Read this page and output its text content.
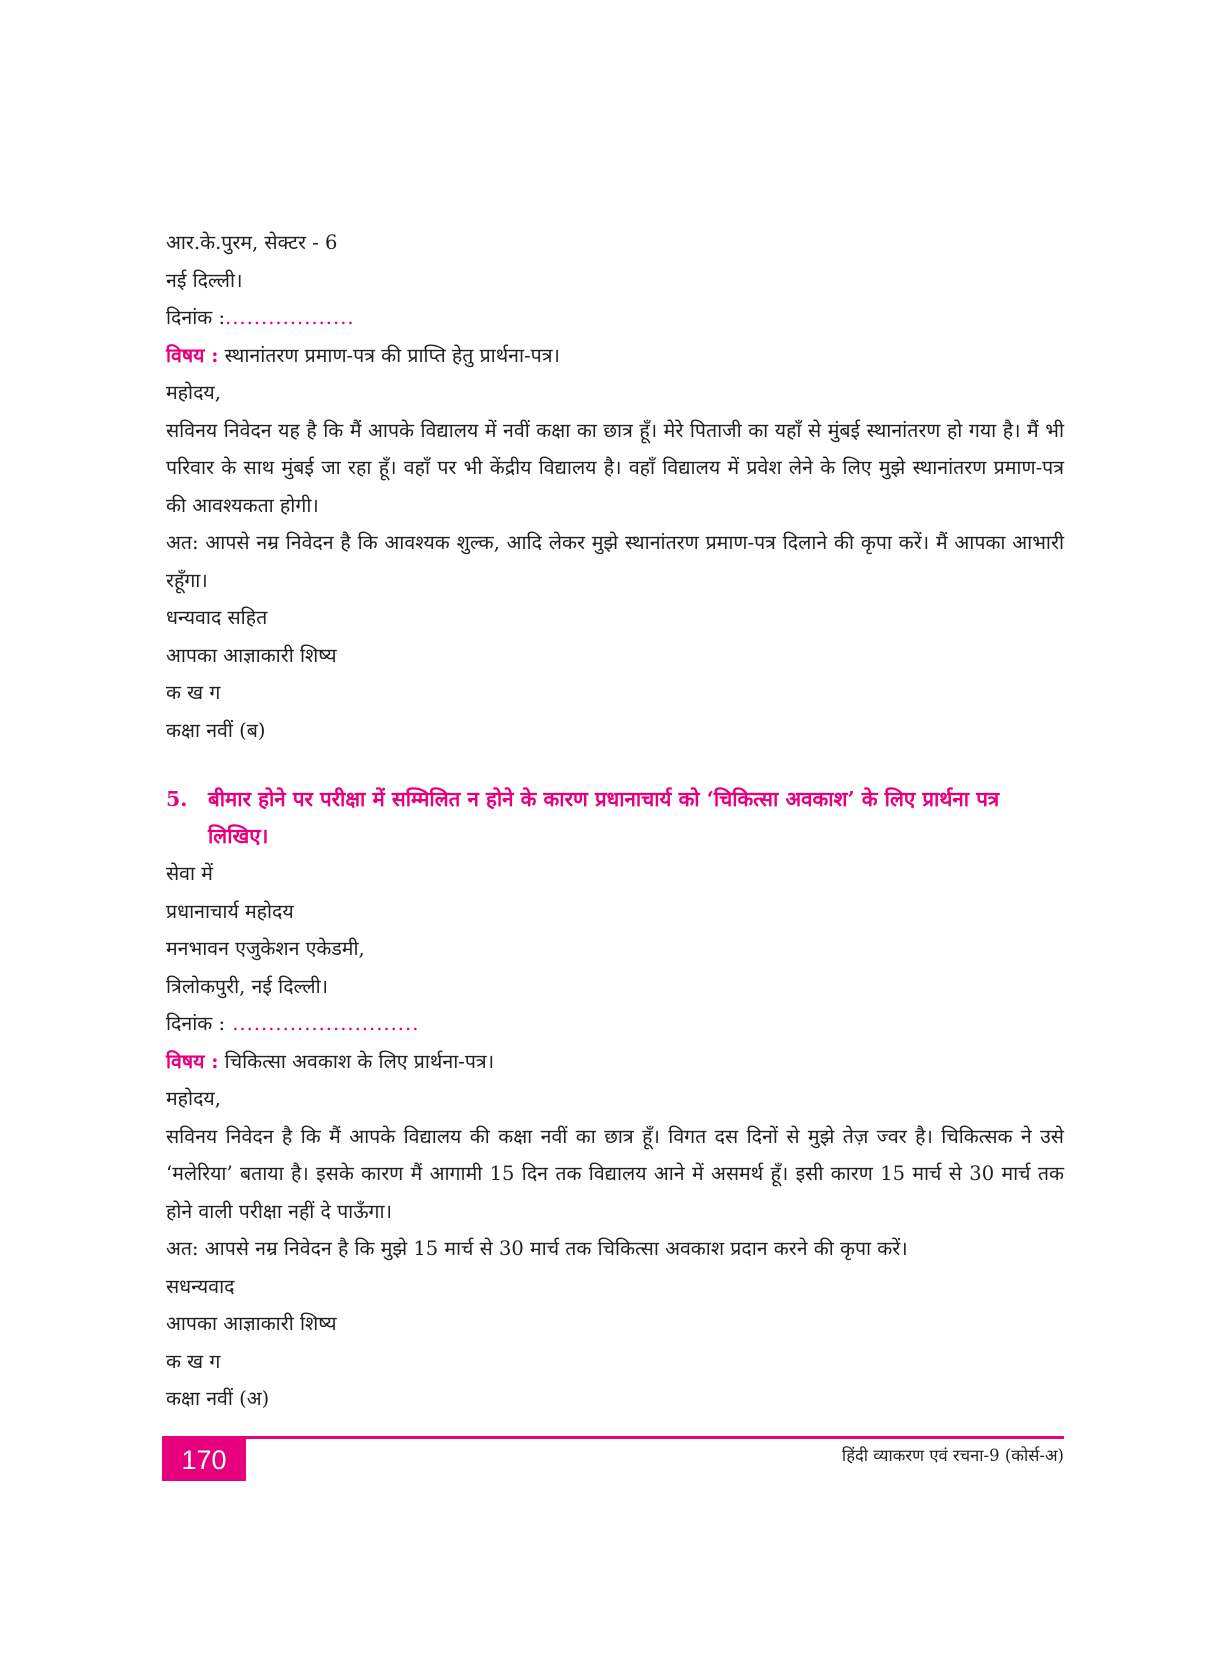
आर.के.पुरम, सेक्टर - 6
नई दिल्ली।
दिनांक :..................
विषय : स्थानांतरण प्रमाण-पत्र की प्राप्ति हेतु प्रार्थना-पत्र।
महोदय,
सविनय निवेदन यह है कि मैं आपके विद्यालय में नवीं कक्षा का छात्र हूँ। मेरे पिताजी का यहाँ से मुंबई स्थानांतरण हो गया है। मैं भी परिवार के साथ मुंबई जा रहा हूँ। वहाँ पर भी केंद्रीय विद्यालय है। वहाँ विद्यालय में प्रवेश लेने के लिए मुझे स्थानांतरण प्रमाण-पत्र की आवश्यकता होगी।
अत: आपसे नम्र निवेदन है कि आवश्यक शुल्क, आदि लेकर मुझे स्थानांतरण प्रमाण-पत्र दिलाने की कृपा करें। मैं आपका आभारी रहूँगा।
धन्यवाद सहित
आपका आज्ञाकारी शिष्य
क ख ग
कक्षा नवीं (ब)
5. बीमार होने पर परीक्षा में सम्मिलित न होने के कारण प्रधानाचार्य को ‘चिकित्सा अवकाश’ के लिए प्रार्थना पत्र लिखिए।
सेवा में
प्रधानाचार्य महोदय
मनभावन एजुकेशन एकेडमी,
त्रिलोकपुरी, नई दिल्ली।
दिनांक : ..........................
विषय : चिकित्सा अवकाश के लिए प्रार्थना-पत्र।
महोदय,
सविनय निवेदन है कि मैं आपके विद्यालय की कक्षा नवीं का छात्र हूँ। विगत दस दिनों से मुझे तेज़ ज्वर है। चिकित्सक ने उसे ‘मलेरिया’ बताया है। इसके कारण मैं आगामी 15 दिन तक विद्यालय आने में असमर्थ हूँ। इसी कारण 15 मार्च से 30 मार्च तक होने वाली परीक्षा नहीं दे पाऊँगा।
अत: आपसे नम्र निवेदन है कि मुझे 15 मार्च से 30 मार्च तक चिकित्सा अवकाश प्रदान करने की कृपा करें।
सधन्यवाद
आपका आज्ञाकारी शिष्य
क ख ग
कक्षा नवीं (अ)
170	हिंदी व्याकरण एवं रचना-9 (कोर्स-अ)
